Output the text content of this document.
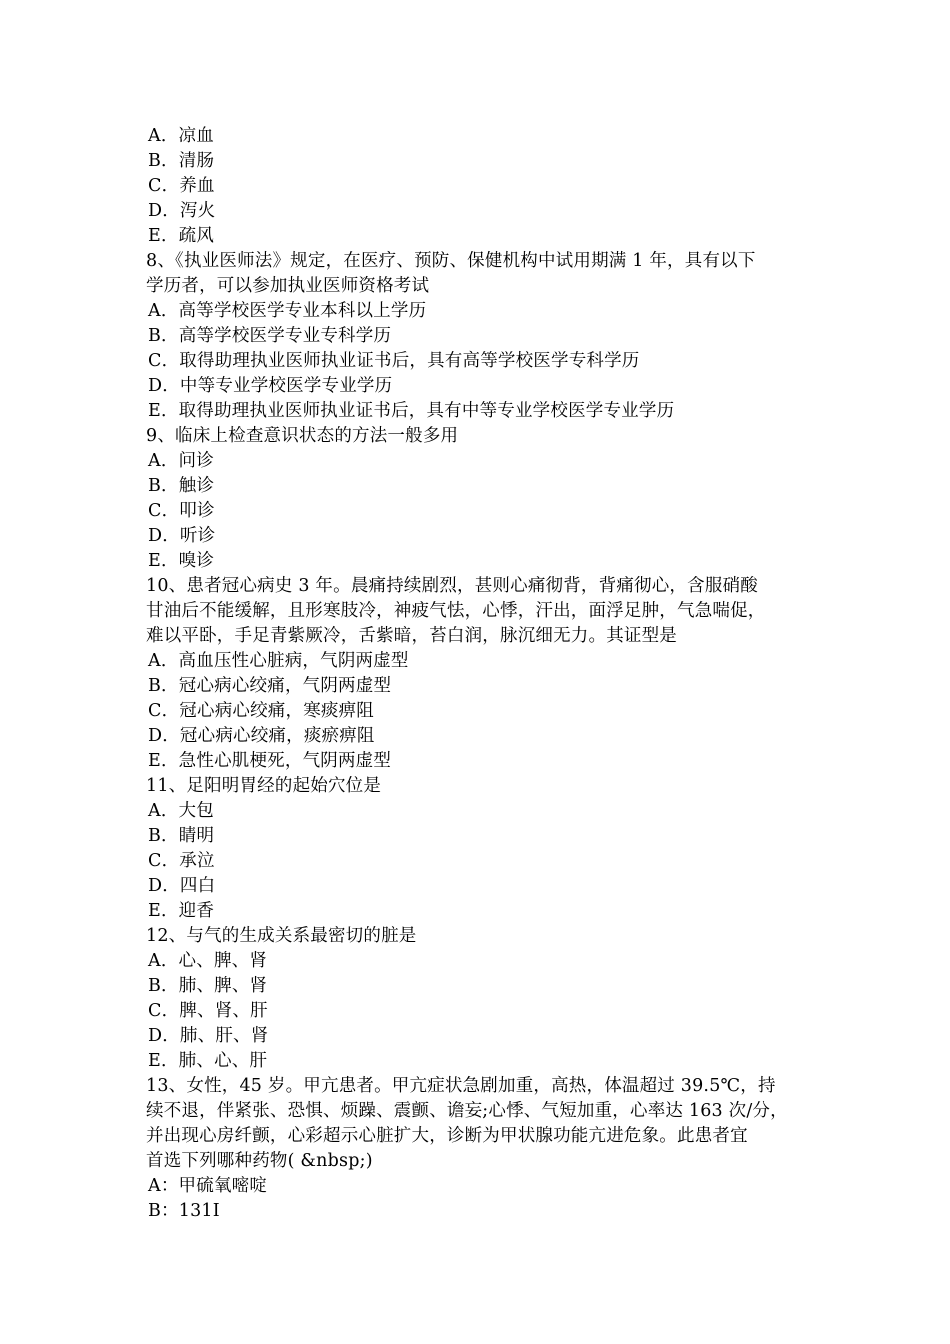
A．凉血
B．清肠
C．养血
D．泻火
E．疏风
8、《执业医师法》规定，在医疗、预防、保健机构中试用期满 1 年，具有以下
学历者，可以参加执业医师资格考试
A．高等学校医学专业本科以上学历
B．高等学校医学专业专科学历
C．取得助理执业医师执业证书后，具有高等学校医学专科学历
D．中等专业学校医学专业学历
E．取得助理执业医师执业证书后，具有中等专业学校医学专业学历
9、临床上检查意识状态的方法一般多用
A．问诊
B．触诊
C．叩诊
D．听诊
E．嗅诊
10、患者冠心病史 3 年。晨痛持续剧烈，甚则心痛彻背，背痛彻心，含服硝酸
甘油后不能缓解，且形寒肢冷，神疲气怯，心悸，汗出，面浮足肿，气急喘促，
难以平卧，手足青紫厥冷，舌紫暗，苔白润，脉沉细无力。其证型是
A．高血压性心脏病，气阴两虚型
B．冠心病心绞痛，气阴两虚型
C．冠心病心绞痛，寒痰痹阻
D．冠心病心绞痛，痰瘀痹阻
E．急性心肌梗死，气阴两虚型
11、足阳明胃经的起始穴位是
A．大包
B．睛明
C．承泣
D．四白
E．迎香
12、与气的生成关系最密切的脏是
A．心、脾、肾
B．肺、脾、肾
C．脾、肾、肝
D．肺、肝、肾
E．肺、心、肝
13、女性，45 岁。甲亢患者。甲亢症状急剧加重，高热，体温超过 39.5℃，持
续不退，伴紧张、恐惧、烦躁、震颤、谵妄;心悸、气短加重，心率达 163 次/分，
并出现心房纤颤，心彩超示心脏扩大，诊断为甲状腺功能亢进危象。此患者宜
首选下列哪种药物( &nbsp;)
A：甲硫氧嘧啶
B：131I
